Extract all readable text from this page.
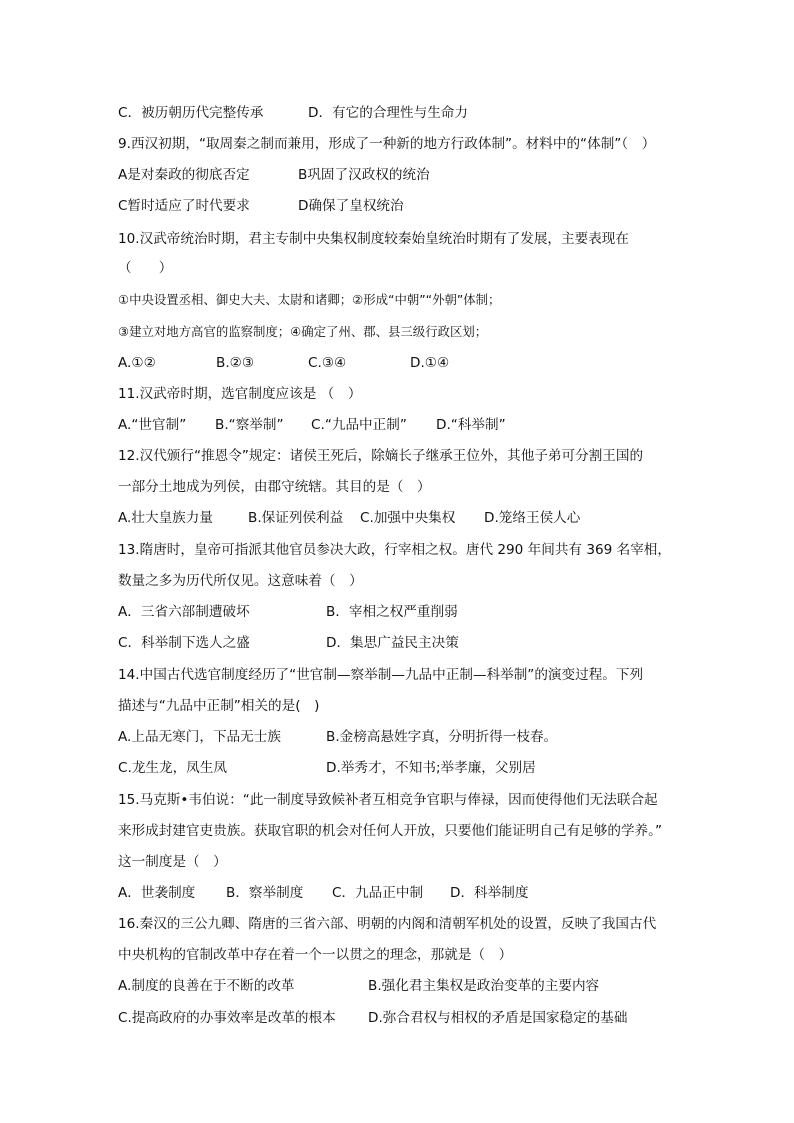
C．被历朝历代完整传承	D．有它的合理性与生命力
9.西汉初期，“取周秦之制而兼用，形成了一种新的地方行政体制”。材料中的“体制”（　）
A是对秦政的彻底否定	B巩固了汉政权的统治
C暂时适应了时代要求	D确保了皇权统治
10.汉武帝统治时期，君主专制中央集权制度较秦始皇统治时期有了发展，主要表现在
（　　）
①中央设置丞相、御史大夫、太尉和诸卿；②形成“中朝”“外朝”体制；
③建立对地方高官的监察制度；④确定了州、郡、县三级行政区划；
A.①②	B.②③	C.③④	D.①④
11.汉武帝时期，选官制度应该是 （　）
A.“世官制” B.“察举制” C.“九品中正制” D.“科举制”
12.汉代颁行“推恩令”规定：诸侯王死后，除嫡长子继承王位外，其他子弟可分割王国的
一部分土地成为列侯，由郡守统辖。其目的是（　）
A.壮大皇族力量	B.保证列侯利益 C.加强中央集权 D.笼络王侯人心
13.隋唐时，皇帝可指派其他官员参决大政，行宰相之权。唐代 290 年间共有 369 名宰相，
数量之多为历代所仅见。这意味着（　）
A．三省六部制遭破坏	B．宰相之权严重削弱
C．科举制下选人之盛	D．集思广益民主决策
14.中国古代选官制度经历了“世官制—察举制—九品中正制—科举制”的演变过程。下列
描述与“九品中正制”相关的是(　)
A.上品无寒门，下品无士族	B.金榜高悬姓字真，分明折得一枝春。
C.龙生龙，凤生凤	D.举秀才，不知书;举孝廉，父别居
15.马克斯•韦伯说：“此一制度导致候补者互相竞争官职与俸禄，因而使得他们无法联合起
来形成封建官吏贵族。获取官职的机会对任何人开放，只要他们能证明自己有足够的学养。”
这一制度是（　）
A．世袭制度 B．察举制度 C．九品正中制 D．科举制度
16.秦汉的三公九卿、隋唐的三省六部、明朝的内阁和清朝军机处的设置，反映了我国古代
中央机构的官制改革中存在着一个一以贯之的理念，那就是（　）
A.制度的良善在于不断的改革	B.强化君主集权是政治变革的主要内容
C.提高政府的办事效率是改革的根本 D.弥合君权与相权的矛盾是国家稳定的基础
